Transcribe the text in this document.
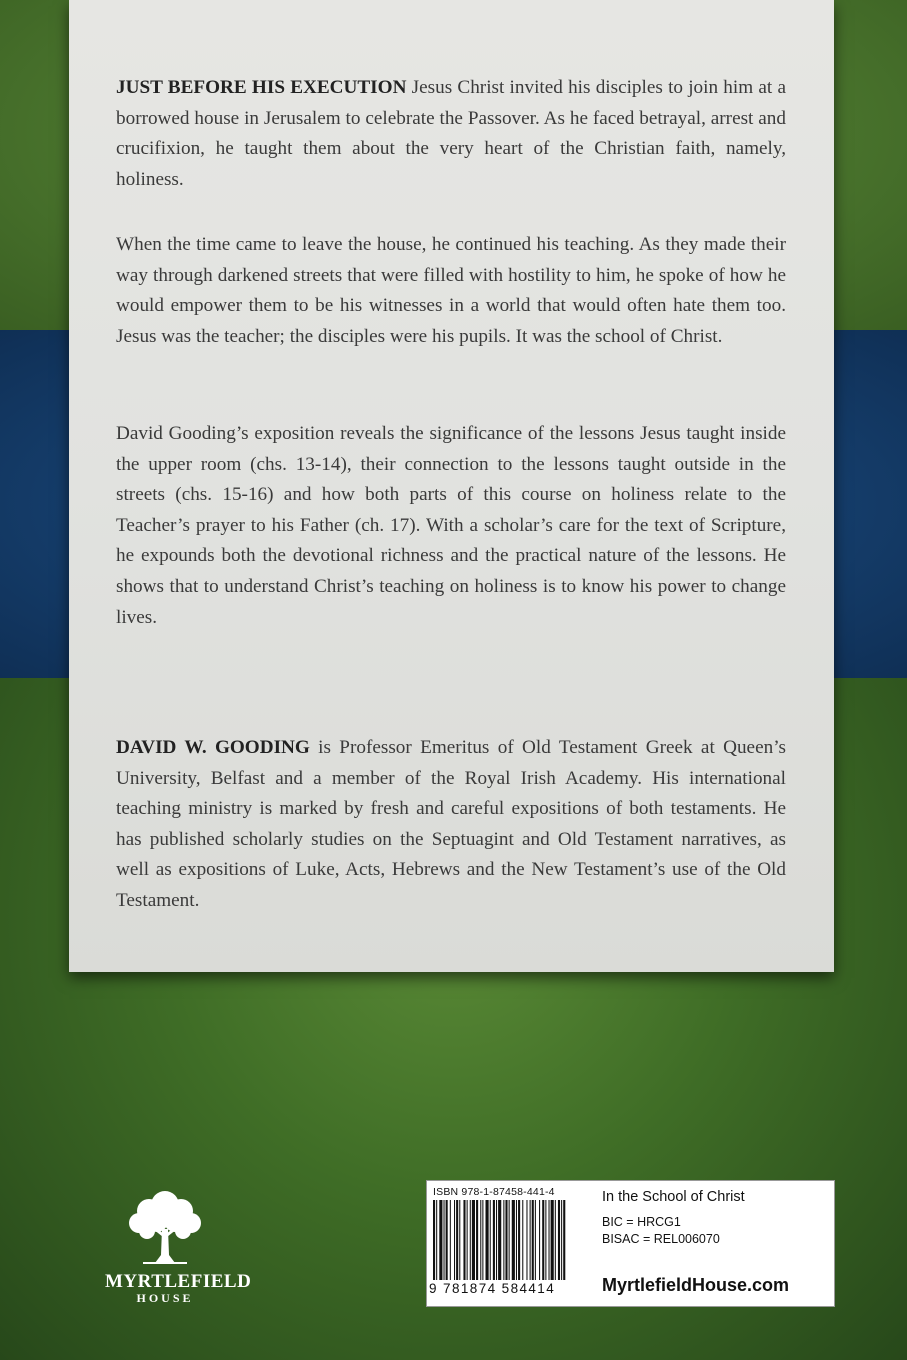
JUST BEFORE HIS EXECUTION Jesus Christ invited his disciples to join him at a borrowed house in Jerusalem to celebrate the Passover. As he faced betrayal, arrest and crucifixion, he taught them about the very heart of the Christian faith, namely, holiness.

When the time came to leave the house, he continued his teaching. As they made their way through darkened streets that were filled with hostility to him, he spoke of how he would empower them to be his witnesses in a world that would often hate them too. Jesus was the teacher; the disciples were his pupils. It was the school of Christ.

David Gooding’s exposition reveals the significance of the lessons Jesus taught inside the upper room (chs. 13-14), their connection to the lessons taught outside in the streets (chs. 15-16) and how both parts of this course on holiness relate to the Teacher’s prayer to his Father (ch. 17). With a scholar’s care for the text of Scripture, he expounds both the devotional richness and the practical nature of the lessons. He shows that to understand Christ’s teaching on holiness is to know his power to change lives.

DAVID W. GOODING is Professor Emeritus of Old Testament Greek at Queen’s University, Belfast and a member of the Royal Irish Academy. His international teaching ministry is marked by fresh and careful expositions of both testaments. He has published scholarly studies on the Septuagint and Old Testament narratives, as well as expositions of Luke, Acts, Hebrews and the New Testament’s use of the Old Testament.

MYRTLEFIELD
HOUSE
ISBN 978-1-87458-441-4
9 781874 584414
In the School of Christ
BIC = HRCG1
BISAC = REL006070
MyrtlefieldHouse.com
